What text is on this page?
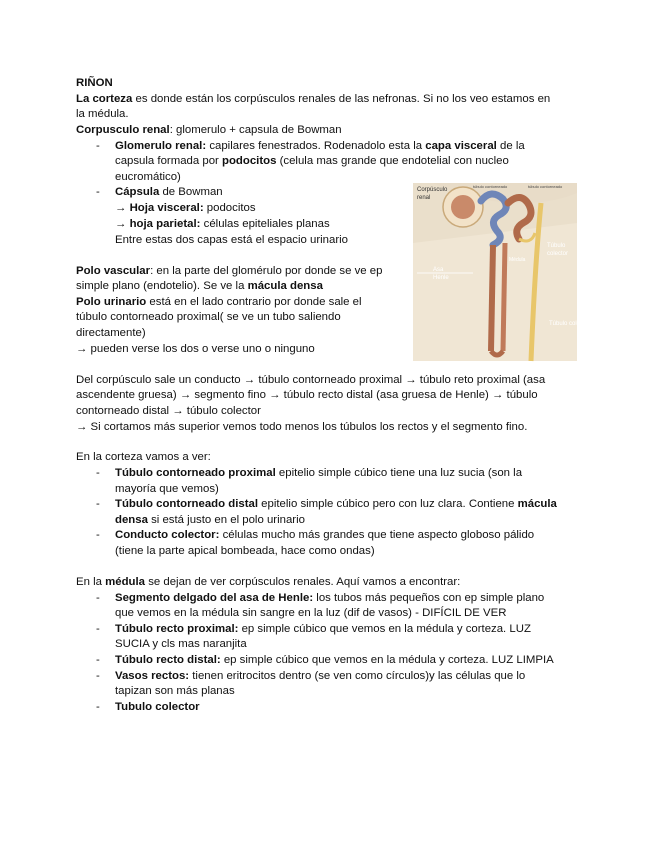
RIÑON
La corteza es donde están los corpúsculos renales de las nefronas. Si no los veo estamos en
la médula.
Corpusculo renal: glomerulo + capsula de Bowman
- Glomerulo renal: capilares fenestrados. Rodenadolo esta la capa visceral de la
capsula formada por podocitos (celula mas grande que endotelial con nucleo
eucromático)
- Cápsula de Bowman
→ Hoja visceral: podocitos
→ hoja parietal: células epiteliales planas
Entre estas dos capas está el espacio urinario
Polo vascular: en la parte del glomérulo por donde se ve ep
simple plano (endotelio). Se ve la mácula densa
Polo urinario está en el lado contrario por donde sale el
túbulo contorneado proximal( se ve un tubo saliendo
directamente)
→ pueden verse los dos o verse uno o ninguno
Corpúsculo
renal
túbulo contorneado	túbulo contorneado
Túbulo
colector
Asa
Henle
Médula
Túbulo colector
Del corpúsculo sale un conducto → túbulo contorneado proximal → túbulo reto proximal (asa
ascendente gruesa) → segmento fino → túbulo recto distal (asa gruesa de Henle) → túbulo
contorneado distal → túbulo colector
→ Si cortamos más superior vemos todo menos los túbulos los rectos y el segmento fino.
En la corteza vamos a ver:
- Túbulo contorneado proximal epitelio simple cúbico tiene una luz sucia (son la
mayoría que vemos)
- Túbulo contorneado distal epitelio simple cúbico pero con luz clara. Contiene mácula
densa si está justo en el polo urinario
- Conducto colector: células mucho más grandes que tiene aspecto globoso pálido
(tiene la parte apical bombeada, hace como ondas)
En la médula se dejan de ver corpúsculos renales. Aquí vamos a encontrar:
- Segmento delgado del asa de Henle: los tubos más pequeños con ep simple plano
que vemos en la médula sin sangre en la luz (dif de vasos) - DIFÍCIL DE VER
- Túbulo recto proximal: ep simple cúbico que vemos en la médula y corteza. LUZ
SUCIA y cls mas naranjita
- Túbulo recto distal: ep simple cúbico que vemos en la médula y corteza. LUZ LIMPIA
- Vasos rectos: tienen eritrocitos dentro (se ven como círculos)y las células que lo
tapizan son más planas
- Tubulo colector
